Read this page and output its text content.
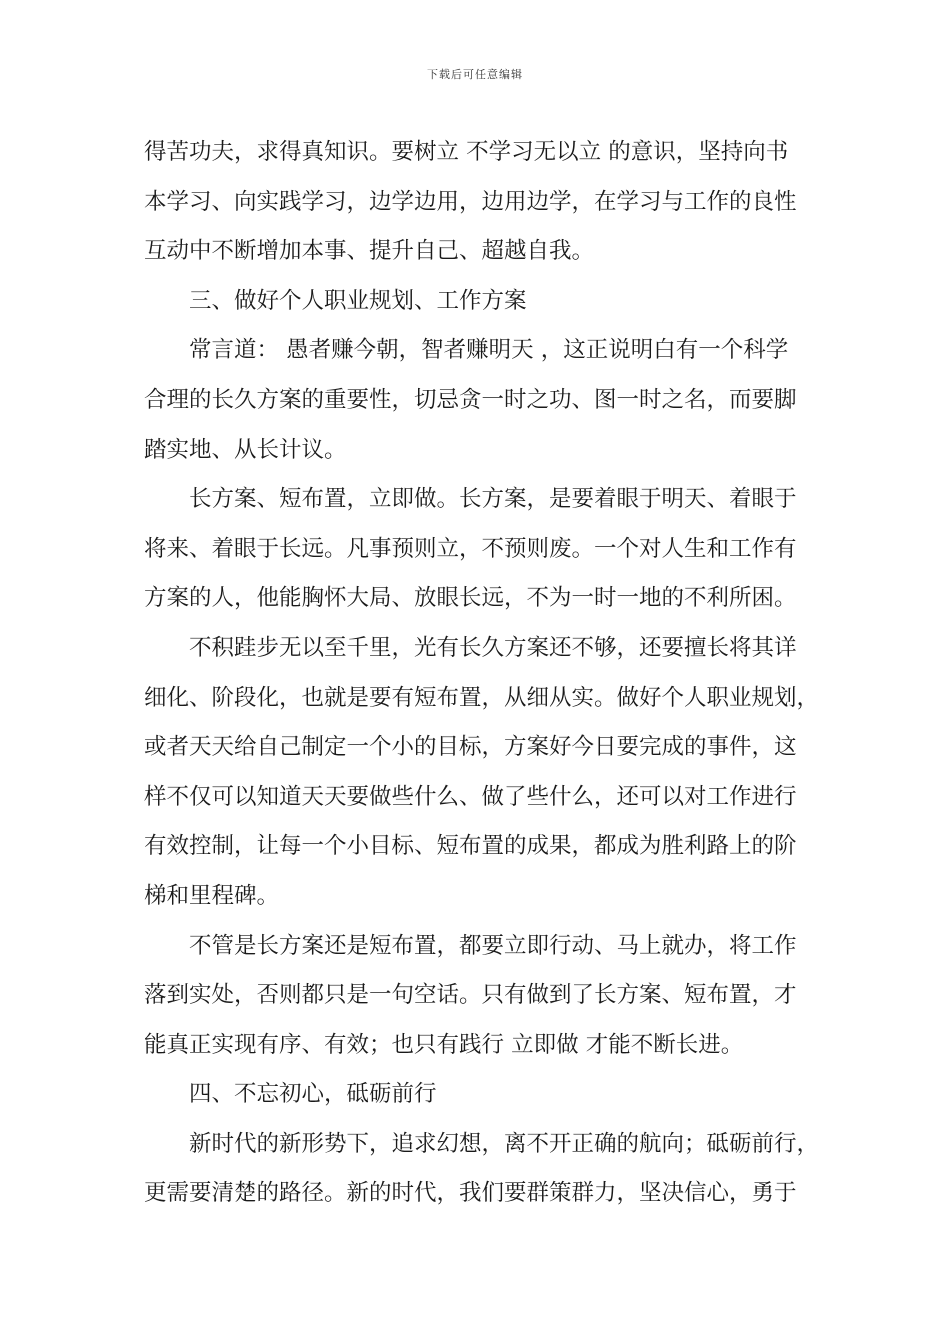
下载后可任意编辑
得苦功夫，求得真知识。要树立 不学习无以立 的意识，坚持向书
本学习、向实践学习，边学边用，边用边学，在学习与工作的良性
互动中不断增加本事、提升自己、超越自我。
三、做好个人职业规划、工作方案
常言道： 愚者赚今朝，智者赚明天 ，这正说明白有一个科学
合理的长久方案的重要性，切忌贪一时之功、图一时之名，而要脚
踏实地、从长计议。
长方案、短布置，立即做。长方案，是要着眼于明天、着眼于
将来、着眼于长远。凡事预则立，不预则废。一个对人生和工作有
方案的人，他能胸怀大局、放眼长远，不为一时一地的不利所困。
不积跬步无以至千里，光有长久方案还不够，还要擅长将其详
细化、阶段化，也就是要有短布置，从细从实。做好个人职业规划，
或者天天给自己制定一个小的目标，方案好今日要完成的事件，这
样不仅可以知道天天要做些什么、做了些什么，还可以对工作进行
有效控制，让每一个小目标、短布置的成果，都成为胜利路上的阶
梯和里程碑。
不管是长方案还是短布置，都要立即行动、马上就办，将工作
落到实处，否则都只是一句空话。只有做到了长方案、短布置，才
能真正实现有序、有效；也只有践行 立即做 才能不断长进。
四、不忘初心，砥砺前行
新时代的新形势下，追求幻想，离不开正确的航向；砥砺前行，
更需要清楚的路径。新的时代，我们要群策群力，坚决信心，勇于
